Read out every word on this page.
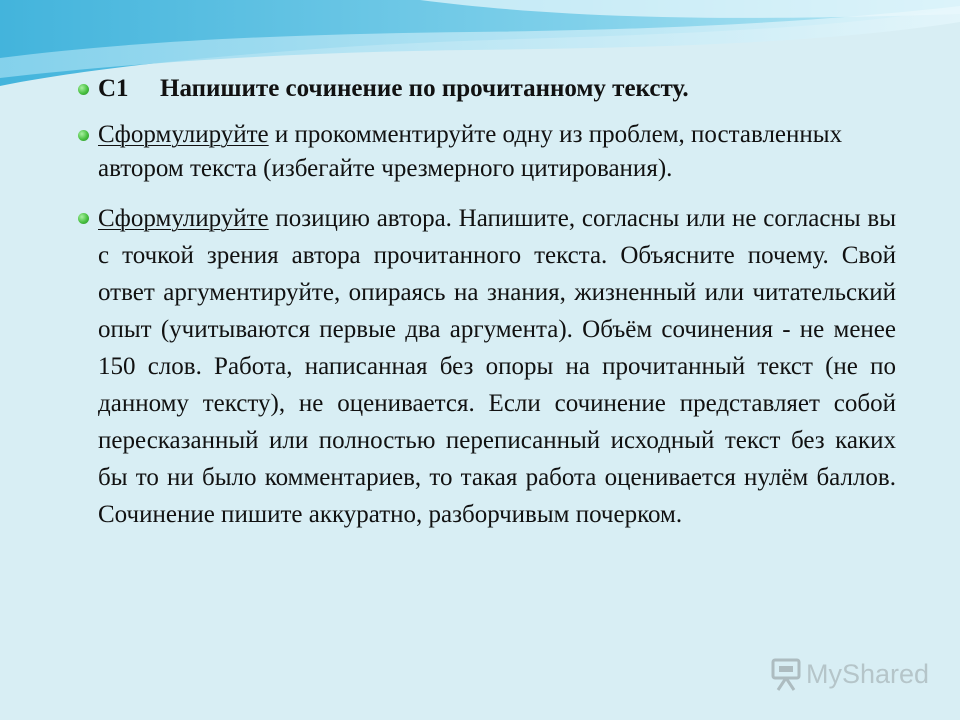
С1 Напишите сочинение по прочитанному тексту.
Сформулируйте и прокомментируйте одну из проблем, поставленных автором текста (избегайте чрезмерного цитирования).
Сформулируйте позицию автора. Напишите, согласны или не согласны вы с точкой зрения автора прочитанного текста. Объясните почему. Свой ответ аргументируйте, опираясь на знания, жизненный или читательский опыт (учитываются первые два аргумента). Объём сочинения - не менее 150 слов. Работа, написанная без опоры на прочитанный текст (не по данному тексту), не оценивается. Если сочинение представляет собой пересказанный или полностью переписанный исходный текст без каких бы то ни было комментариев, то такая работа оценивается нулём баллов. Сочинение пишите аккуратно, разборчивым почерком.
MyShared
